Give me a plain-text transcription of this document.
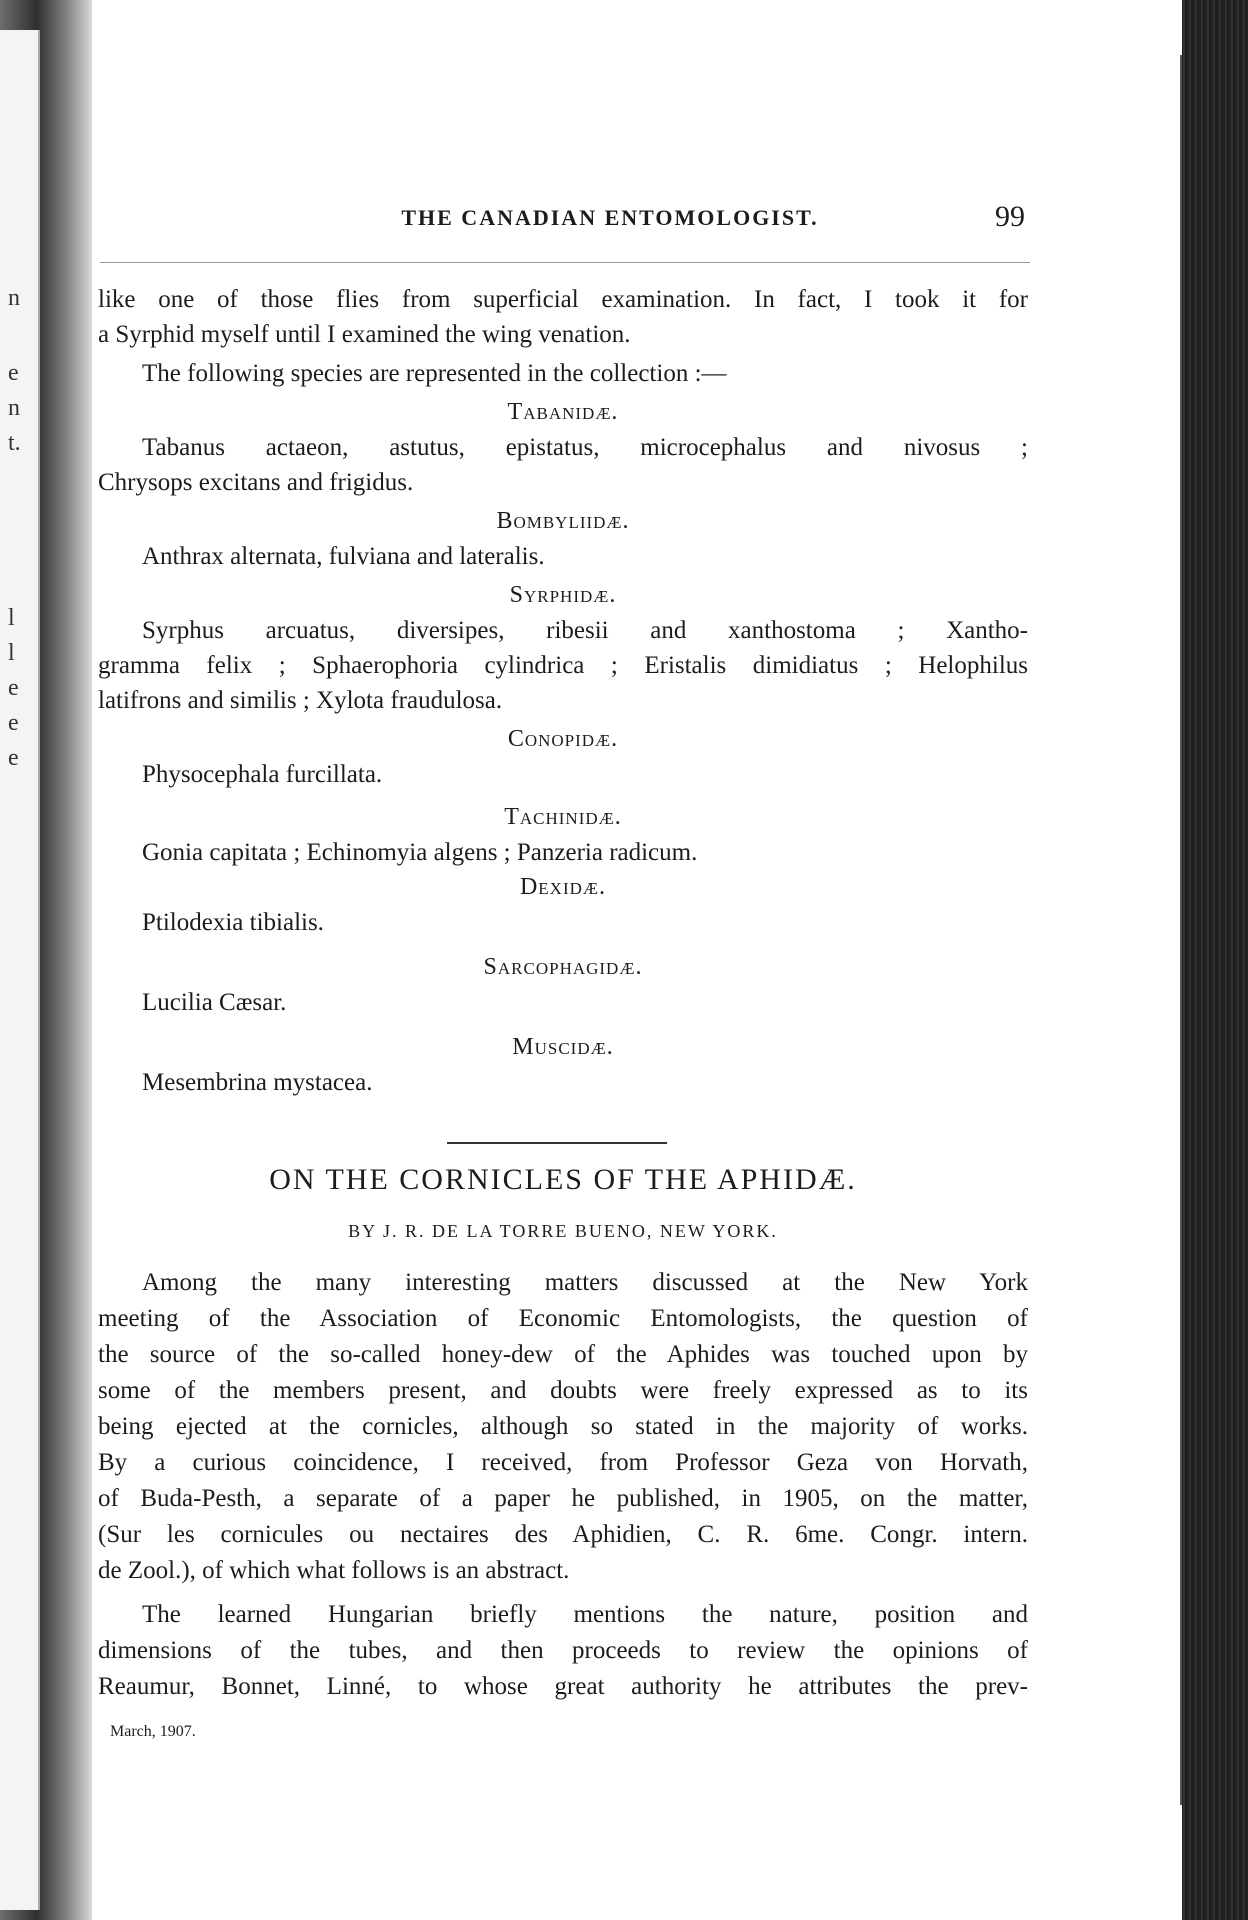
n
e
n
t.
l
l
e
e
e
THE CANADIAN ENTOMOLOGIST.	99
like one of those flies from superficial examination. In fact, I took it for
a Syrphid myself until I examined the wing venation.
The following species are represented in the collection :—
Tabanidæ.
Tabanus actaeon, astutus, epistatus, microcephalus and nivosus ;
Chrysops excitans and frigidus.
Bombyliidæ.
Anthrax alternata, fulviana and lateralis.
Syrphidæ.
Syrphus arcuatus, diversipes, ribesii and xanthostoma ; Xantho-
gramma felix ; Sphaerophoria cylindrica ; Eristalis dimidiatus ; Helophilus
latifrons and similis ; Xylota fraudulosa.
Conopidæ.
Physocephala furcillata.
Tachinidæ.
Gonia capitata ; Echinomyia algens ; Panzeria radicum.
Dexidæ.
Ptilodexia tibialis.
Sarcophagidæ.
Lucilia Cæsar.
Muscidæ.
Mesembrina mystacea.
ON THE CORNICLES OF THE APHIDÆ.
BY J. R. DE LA TORRE BUENO, NEW YORK.
Among the many interesting matters discussed at the New York
meeting of the Association of Economic Entomologists, the question of
the source of the so-called honey-dew of the Aphides was touched upon by
some of the members present, and doubts were freely expressed as to its
being ejected at the cornicles, although so stated in the majority of works.
By a curious coincidence, I received, from Professor Geza von Horvath,
of Buda-Pesth, a separate of a paper he published, in 1905, on the matter,
(Sur les cornicules ou nectaires des Aphidien, C. R. 6me. Congr. intern.
de Zool.), of which what follows is an abstract.
The learned Hungarian briefly mentions the nature, position and
dimensions of the tubes, and then proceeds to review the opinions of
Reaumur, Bonnet, Linné, to whose great authority he attributes the prev-
March, 1907.
